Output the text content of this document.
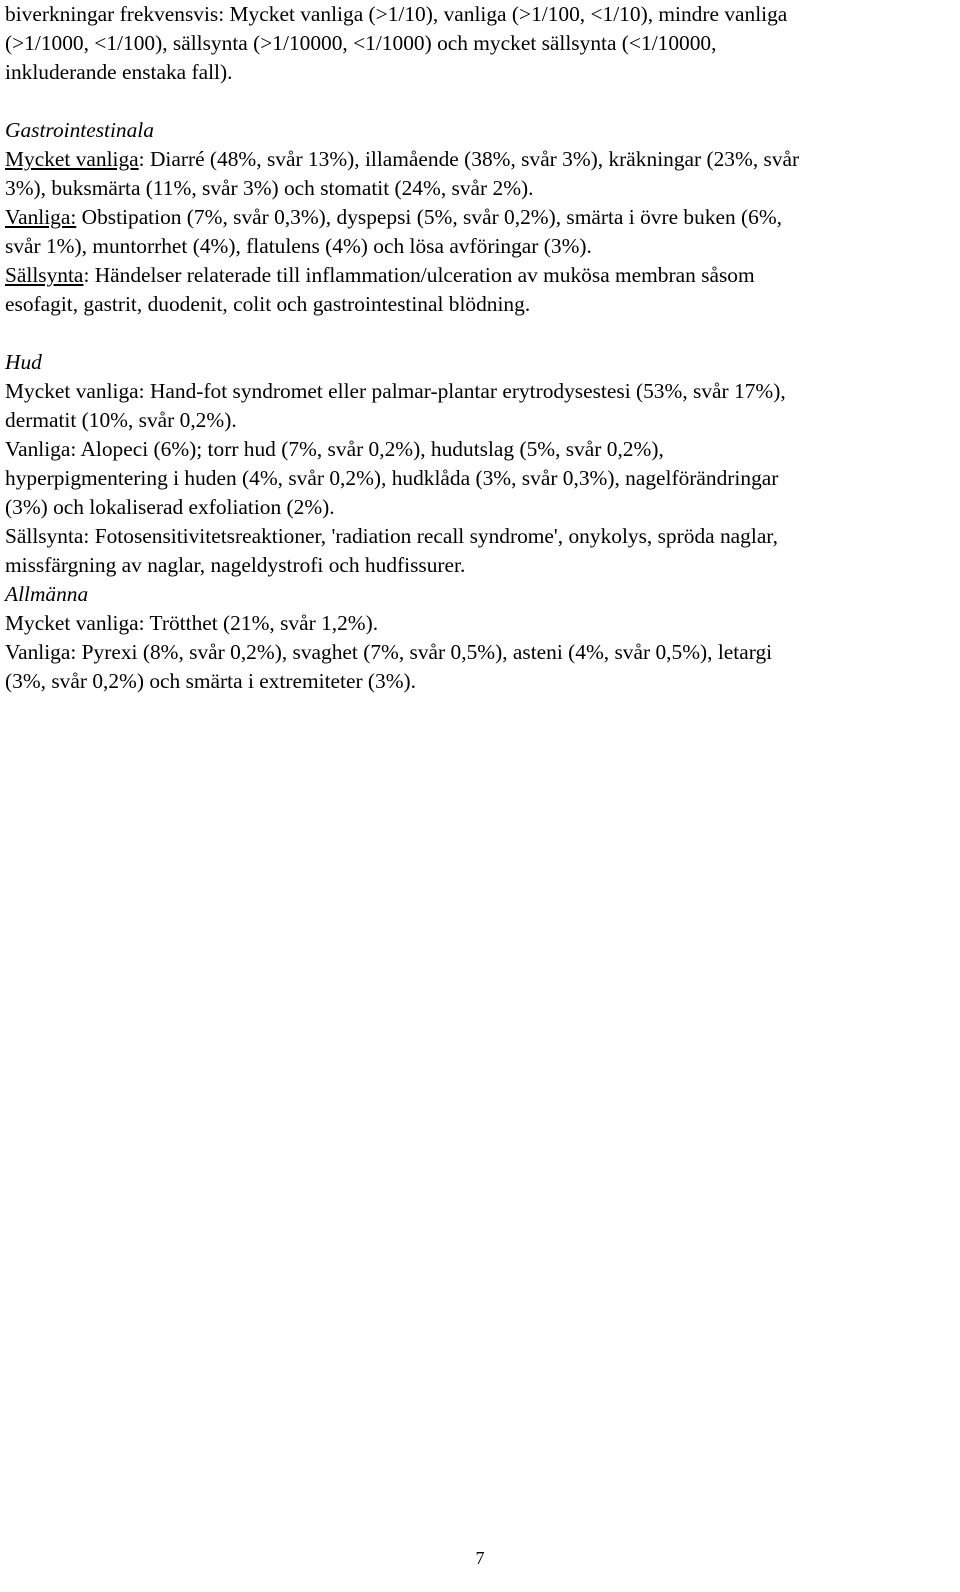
biverkningar frekvensvis: Mycket vanliga (>1/10), vanliga (>1/100, <1/10), mindre vanliga

(>1/1000, <1/100), sällsynta (>1/10000, <1/1000) och mycket sällsynta (<1/10000,

inkluderande enstaka fall).

Gastrointestinala

Mycket vanliga: Diarré (48%, svår 13%), illamående (38%, svår 3%), kräkningar (23%, svår

3%), buksmärta (11%, svår 3%) och stomatit (24%, svår 2%).

Vanliga: Obstipation (7%, svår 0,3%), dyspepsi (5%, svår 0,2%), smärta i övre buken (6%,

svår 1%), muntorrhet (4%), flatulens (4%) och lösa avföringar (3%).

Sällsynta: Händelser relaterade till inflammation/ulceration av mukösa membran såsom

esofagit, gastrit, duodenit, colit och gastrointestinal blödning.

Hud

Mycket vanliga: Hand-fot syndromet eller palmar-plantar erytrodysestesi (53%, svår 17%),

dermatit (10%, svår 0,2%).

Vanliga: Alopeci (6%); torr hud (7%, svår 0,2%), hudutslag (5%, svår 0,2%),

hyperpigmentering i huden (4%, svår 0,2%), hudklåda (3%, svår 0,3%), nagelförändringar

(3%) och lokaliserad exfoliation (2%).

Sällsynta: Fotosensitivitetsreaktioner, 'radiation recall syndrome', onykolys, spröda naglar,

missfärgning av naglar, nageldystrofi och hudfissurer.

Allmänna

Mycket vanliga: Trötthet (21%, svår 1,2%).

Vanliga: Pyrexi (8%, svår 0,2%), svaghet (7%, svår 0,5%), asteni (4%, svår 0,5%), letargi

(3%, svår 0,2%) och smärta i extremiteter (3%).

7
